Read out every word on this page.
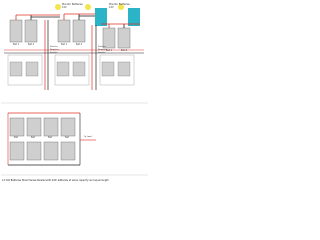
Monitor Batteries
12V
Monitor Batteries
12V
Bat 1	Bat 2	Bat 1	Bat 2
Bat 1	Bat 2
Positive
Negative
Parallel
Positive
Negative
Parallel
Bat	Bat	Bat	Bat	To Load
12 Volt Batteries Wired Series-Parallel with both batteries at same capacity and equal length
